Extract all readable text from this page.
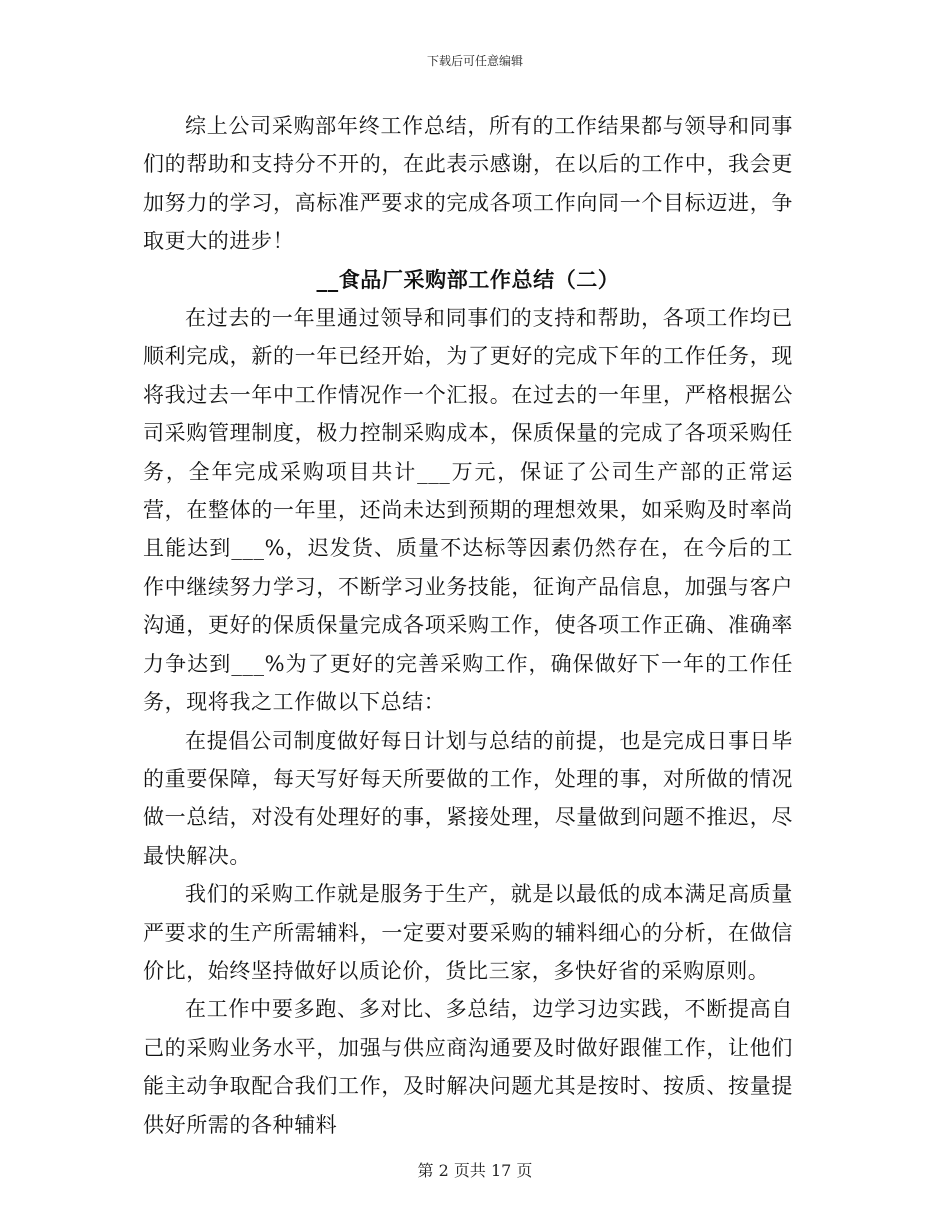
下载后可任意编辑

综上公司采购部年终工作总结，所有的工作结果都与领导和同事们的帮助和支持分不开的，在此表示感谢，在以后的工作中，我会更加努力的学习，高标准严要求的完成各项工作向同一个目标迈进，争取更大的进步！

__食品厂采购部工作总结（二）

在过去的一年里通过领导和同事们的支持和帮助，各项工作均已顺利完成，新的一年已经开始，为了更好的完成下年的工作任务，现将我过去一年中工作情况作一个汇报。在过去的一年里，严格根据公司采购管理制度，极力控制采购成本，保质保量的完成了各项采购任务，全年完成采购项目共计___万元，保证了公司生产部的正常运营，在整体的一年里，还尚未达到预期的理想效果，如采购及时率尚且能达到___%，迟发货、质量不达标等因素仍然存在，在今后的工作中继续努力学习，不断学习业务技能，征询产品信息，加强与客户沟通，更好的保质保量完成各项采购工作，使各项工作正确、准确率力争达到___%为了更好的完善采购工作，确保做好下一年的工作任务，现将我之工作做以下总结：

在提倡公司制度做好每日计划与总结的前提，也是完成日事日毕的重要保障，每天写好每天所要做的工作，处理的事，对所做的情况做一总结，对没有处理好的事，紧接处理，尽量做到问题不推迟，尽最快解决。

我们的采购工作就是服务于生产，就是以最低的成本满足高质量严要求的生产所需辅料，一定要对要采购的辅料细心的分析，在做信价比，始终坚持做好以质论价，货比三家，多快好省的采购原则。

在工作中要多跑、多对比、多总结，边学习边实践，不断提高自己的采购业务水平，加强与供应商沟通要及时做好跟催工作，让他们能主动争取配合我们工作，及时解决问题尤其是按时、按质、按量提供好所需的各种辅料

第 2 页共 17 页
